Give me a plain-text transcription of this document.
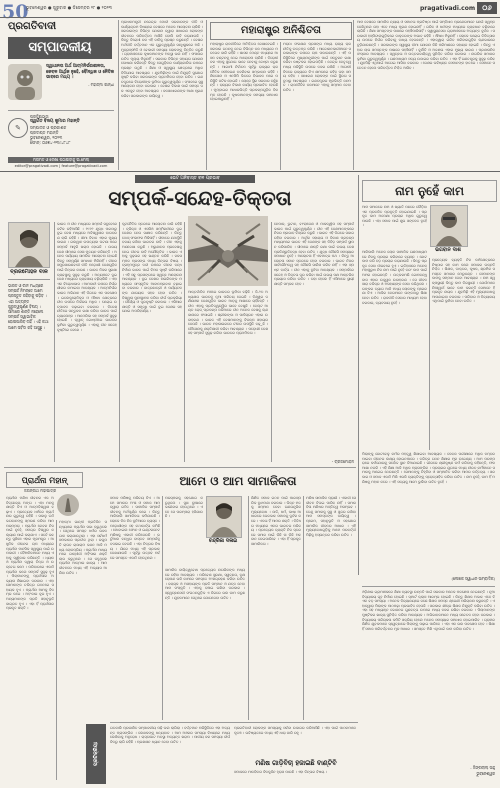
50
ଭୁବନେଶ୍ୱର ● ଗୁରୁବାର ● ଡିସେମ୍ବର ୨୮ ● ୨୦୨୩	pragativadi.com	୦୬
ପ୍ରଗତିବାଦୀ
ସମ୍ପାଦକୀୟ
ସ୍ୱାଧୀନତା ଅର୍ଥ ଆତ୍ମନିର୍ଭରଶୀଳତା, କେବଳ ଆର୍ଥିକ ନୁହେଁ, ବୌଦ୍ଧିକ ଓ ନୈତିକ ଭାବରେ ମଧ୍ୟ ।
- ମହାତ୍ମା ଗାନ୍ଧୀ
✎
ପ୍ରତିଷ୍ଠାତା
ସ୍ୱର୍ଗତ ବିଜୟ କୁମାର ମହାନ୍ତି
ସମ୍ପାଦକ ଓ ପ୍ରକାଶକ
ପ୍ରଦୀପ୍ତ ମହାନ୍ତି
ଭୁବନେଶ୍ୱର, ୨୦୨୩
ଫୋନ୍: ୦୬୭୪-୨୩୯୪୮୪୮
ମତାମତ ଓ ଲେଖା ପଠାଇବାକୁ ଇ-ମେଲ୍
editor@pragativadi.com | feature@pragativadi.com
ପ୍ରଧାନମନ୍ତ୍ରୀ ନରେନ୍ଦ୍ର ମୋଦୀ ସରକାରଙ୍କ ନୀତି ଓ କାର୍ଯ୍ୟକ୍ରମ ବିଷୟରେ ଦେଶରେ ଅନେକ ଆଲୋଚନା ଚାଲିଛି । ସରକାରଙ୍କ ବିଭିନ୍ନ ଯୋଜନା ଦ୍ୱାରା ସାଧାରଣ ଲୋକଙ୍କ ଜୀବନରେ ପରିବର୍ତ୍ତନ ଆସିଛି ବୋଲି ଦାବି କରାଯାଉଛି । କିନ୍ତୁ ବିରୋଧୀ ଦଳ ଏହି ଦାବିକୁ ପ୍ରଶ୍ନ କରୁଛନ୍ତି । ଦେଶର ଅର୍ଥନୀତି ବର୍ତ୍ତମାନ ଏକ ଗୁରୁତ୍ୱପୂର୍ଣ୍ଣ ସନ୍ଧିସ୍ଥଳରେ ଅଛି । ମୁଦ୍ରାସ୍ଫୀତି ଓ ବେକାରୀ ସମସ୍ୟା ଲୋକଙ୍କୁ ଚିନ୍ତିତ କରୁଛି । ଗ୍ରାମାଞ୍ଚଳରେ କୃଷକମାନଙ୍କ ଅବସ୍ଥା ଭଲ ନାହିଁ । ଫସଲର ଉଚିତ ମୂଲ୍ୟ ମିଳୁନାହିଁ । ସରକାର ବିଭିନ୍ନ ସହାୟତା ଯୋଜନା ଘୋଷଣା କରିଛନ୍ତି କିନ୍ତୁ ସେଗୁଡ଼ିକର କାର୍ଯ୍ୟକାରିତା ଉପରେ ପ୍ରଶ୍ନ ଉଠୁଛି । ଶିକ୍ଷା ଓ ସ୍ୱାସ୍ଥ୍ୟ କ୍ଷେତ୍ରରେ ଅଧିକ ବିନିଯୋଗ ଆବଶ୍ୟକ । ଯୁବପିଢ଼ିଙ୍କ ପାଇଁ ନିଯୁକ୍ତି ସୁଯୋଗ ସୃଷ୍ଟି କରିବା ସରକାରଙ୍କ ପ୍ରାଥମିକତା ହେବା ଉଚିତ । ଗଣତନ୍ତ୍ରରେ ବିରୋଧୀଙ୍କ ଭୂମିକା ଗୁରୁତ୍ୱପୂର୍ଣ୍ଣ । ସଂସଦରେ ସୁସ୍ଥ ଆଲୋଚନା ହେବା ଦରକାର । ଦେଶର ବିକାଶ ପାଇଁ ସମସ୍ତ ଦଳ ଏକଜୁଟ ହେବା ଆବଶ୍ୟକ । ଜନସାଧାରଣଙ୍କ ଆଶା ପୂରଣ କରିବା ସରକାରଙ୍କ ଦାୟିତ୍ୱ ।
ମହାରାଷ୍ଟ୍ର ଅନିଶ୍ଚିତତା
ମହାରାଷ୍ଟ୍ର ରାଜନୀତିରେ ଅନିଶ୍ଚିତତା ଦେଖାଦେଇଛି । ସରକାର ଗଠନକୁ ନେଇ ବିଭିନ୍ନ ଦଳ ମଧ୍ୟରେ ମତଭେଦ ଜାରି ରହିଛି । ଶାସକ ମେଣ୍ଟ ମଧ୍ୟରେ ଆସନ ବଣ୍ଟନକୁ ନେଇ ଆଲୋଚନା ଚାଲିଛି । ବିରୋଧୀ ଦଳ ଏହାକୁ ସୁଯୋଗ ଭାବେ ନେବାକୁ ଚେଷ୍ଟା କରୁଛନ୍ତି । ଆଗାମୀ ନିର୍ବାଚନ ପୂର୍ବରୁ ରାଜ୍ୟର ରାଜନୈତିକ ସମୀକରଣ ବଦଳିବାର ସମ୍ଭାବନା ରହିଛି । ଶିବସେନା ଓ ଏନସିପି ଭିତରେ ବିଭାଜନ ପରେ ପରିସ୍ଥିତି ଜଟିଳ ହୋଇଛି । ଲୋକେ ସ୍ଥିର ସରକାର ଚାହୁଁଛନ୍ତି । ରାଜ୍ୟର ବିକାଶ କାର୍ଯ୍ୟ ପ୍ରଭାବିତ ହେଉଛି । ମୁମ୍ବାଇର ଆଧାରଭିତ୍ତି ପ୍ରକଳ୍ପଗୁଡ଼ିକ ବିଳମ୍ବ ହେଉଛି । କୃଷକମାନଙ୍କ ସମସ୍ୟା ସମାଧାନ ହୋଇପାରୁନାହିଁ ।
ମରାଠା ସଂରକ୍ଷଣ ପ୍ରସଙ୍ଗ ମଧ୍ୟ ରାଜ୍ୟ ରାଜନୀତିକୁ ଉତ୍ତପ୍ତ କରିଛି । ଆନ୍ଦୋଳନକାରୀମାନେ ସରକାରଙ୍କ ଉପରେ ଚାପ ପକାଉଛନ୍ତି । ଏହି ପରିସ୍ଥିତିରେ ମୁଖ୍ୟମନ୍ତ୍ରୀଙ୍କ ପାଇଁ ସନ୍ତୁଳନ ରକ୍ଷା କରିବା କଷ୍ଟକର ହୋଇପଡ଼ିଛି । କେନ୍ଦ୍ର ନେତୃତ୍ୱ ମଧ୍ୟ ପରିସ୍ଥିତି ଉପରେ ନଜର ରଖିଛି । ଆଗାମୀ ଦିନରେ ରାଜ୍ୟରେ କିଏ କ୍ଷମତାରେ ରହିବ ତାହା ସମୟ କହିବ । ସାଧାରଣ ଲୋକଙ୍କ ପାଇଁ ସ୍ଥିରତା ସବୁଠାରୁ ଆବଶ୍ୟକ । ଗଣତନ୍ତ୍ରର ମୂଳଭିତ୍ତି ଜନମତ । ରାଜନୈତିକ ଦଳମାନେ ଏହାକୁ ସମ୍ମାନ ଦେବା ଉଚିତ ।
ଆମ ଦେଶରେ ସାମାଜିକ ନ୍ୟାୟ ଓ ସମାନତା ପ୍ରତିଷ୍ଠା ପାଇଁ ସମ୍ବିଧାନ ପ୍ରଣେତାମାନେ ଯେଉଁ ସ୍ୱପ୍ନ ଦେଖିଥିଲେ ତାହା ଏବେ ମଧ୍ୟ ପୂରଣ ହୋଇନାହିଁ । ଗରିବ ଓ ଧନୀଙ୍କ ମଧ୍ୟରେ ବ୍ୟବଧାନ ବଢ଼ିବାରେ ଲାଗିଛି । ଶିକ୍ଷା ସମସ୍ତଙ୍କ ପାଖରେ ପହଞ୍ଚିପାରିନାହିଁ । ସ୍ୱାସ୍ଥ୍ୟସେବା ଗ୍ରାମାଞ୍ଚଳରେ ଅତ୍ୟନ୍ତ ଦୁର୍ବଳ । ସରକାରୀ ହସ୍ପିଟାଲଗୁଡ଼ିକରେ ଡାକ୍ତରଙ୍କ ଅଭାବ ରହିଛି । ଔଷଧ ମିଳୁନାହିଁ । ଲୋକେ ଘରୋଇ ଚିକିତ୍ସାଳୟ ଉପରେ ନିର୍ଭର କରିବାକୁ ବାଧ୍ୟ ହେଉଛନ୍ତି । ଏହାଦ୍ୱାରା ଗରିବ ପରିବାରଗୁଡ଼ିକ ଋଣଭାରରେ ବୁଡ଼ିଯାଉଛନ୍ତି । ସରକାରଙ୍କ ସ୍ୱାସ୍ଥ୍ୟ ବୀମା ଯୋଜନା କିଛି ପରିମାଣରେ ସହାୟକ ହୋଇଛି । କିନ୍ତୁ ଏହାର ଲାଭ ସମସ୍ତଙ୍କ ପାଖରେ ପହଞ୍ଚିନାହିଁ । ଦୁର୍ନୀତି ଓ ଅଦକ୍ଷତା ଏହାର ମୁଖ୍ୟ କାରଣ । ପ୍ରଶାସନିକ ସଂସ୍କାର ଆବଶ୍ୟକ । ସ୍ୱଚ୍ଛତା ଓ ଉତ୍ତରଦାୟିତ୍ୱ ସୁନିଶ୍ଚିତ କରିବା ଦରକାର । ନାଗରିକ ସମାଜର ଭୂମିକା ଗୁରୁତ୍ୱପୂର୍ଣ୍ଣ । ଗଣମାଧ୍ୟମ ସତ୍ୟ ଉଜାଗର କରିବା ଉଚିତ । ଏହା ହିଁ ଗଣତନ୍ତ୍ରକୁ ସୁଦୃଢ଼ କରିବ । ଯୁବପିଢ଼ି ଏଥିପାଇଁ ଆଗେଇ ଆସିବା ଦରକାର । ଦେଶର ଭବିଷ୍ୟତ ସେମାନଙ୍କ ହାତରେ । ସେମାନେ ସଚେତନ ହେଲେ ପରିବର୍ତ୍ତନ ନିଶ୍ଚିତ ଆସିବ ।
ଭେଟ ଅନିବାସ୍ତ ବଳ ପ୍ରଭାବ
ସମ୍ପର୍କ-ସନ୍ଦେହ-ତିକ୍ତତା
ବ୍ରଜମୋହନ ବାଳ
ଭାରତ ଓ ଚୀନ ମଧ୍ୟରେ ସମ୍ପର୍କ ନିମନ୍ତେ ଆମେ ପ୍ରସ୍ତୁତ ରହିବାକୁ ପଡ଼ିବ । ଏହା ଅତ୍ୟନ୍ତ ଗୁରୁତ୍ୱପୂର୍ଣ୍ଣ ବିଷୟ । ସୀମାରେ ଶାନ୍ତି ନହେଲେ ସମ୍ପର୍କ ସ୍ୱାଭାବିକ ହୋଇପାରିବ ନାହିଁ । ଏହି କଥା ଆମେ ସର୍ବଦା କହି ଆସୁଛୁ ।
ଭାରତ ଓ ଚୀନ ମଧ୍ୟରେ ସମ୍ପର୍କ ସବୁବେଳେ ଜଟିଳ ରହିଆସିଛି । ୧୯୬୨ ଯୁଦ୍ଧ ପରଠାରୁ ଦୁଇ ଦେଶ ମଧ୍ୟରେ ଅବିଶ୍ୱାସର ବାତାବରଣ ଲାଗି ରହିଛି । ସୀମା ବିବାଦ ଏହାର ମୁଖ୍ୟ କାରଣ । ଗଲୱାନ ଉପତ୍ୟକା ଘଟଣା ପରେ ସମ୍ପର୍କ ଆହୁରି ଖରାପ ହୋଇଛି । ଉଭୟ ଦେଶ ସୀମାରେ ସେନା ମୁତୟନ କରିଛନ୍ତି । ଅନେକ ପର୍ଯ୍ୟାୟ ସାମରିକ ଆଲୋଚନା ହୋଇଛି କିନ୍ତୁ ସମ୍ପୂର୍ଣ୍ଣ ସମାଧାନ ମିଳିନାହିଁ । ଚୀନର ସମ୍ପ୍ରସାରଣବାଦୀ ନୀତି ପଡ଼ୋଶୀ ଦେଶଗୁଡ଼ିକ ପାଇଁ ଚିନ୍ତାର କାରଣ । ଭାରତ ନିଜର ସୁରକ୍ଷା ବ୍ୟବସ୍ଥାକୁ ସୁଦୃଢ଼ କରୁଛି । ଅନ୍ୟପଟେ ଦୁଇ ଦେଶ ମଧ୍ୟରେ ବ୍ୟବସାୟ ବଢ଼ିଚାଲିଛି । ଏହା ଏକ ବିରୋଧାଭାସ । ଆମଦାନୀ ଉପରେ ନିର୍ଭରଶୀଳତା କମାଇବା ଆବଶ୍ୟକ । ଆତ୍ମନିର୍ଭର ଭାରତ ଅଭିଯାନ ଏହି ଦିଗରେ ଏକ ପଦକ୍ଷେପ । ଇଲେକ୍ଟ୍ରୋନିକ୍ସ ଓ ଔଷଧ କ୍ଷେତ୍ରରେ ଚୀନ ଉପରେ ନିର୍ଭରତା ଅଧିକ । ଘରୋଇ ଉତ୍ପାଦନ ବଢ଼ାଇବା ଦରକାର । ବିଦେଶ ନୀତିରେ ସନ୍ତୁଳନ ରକ୍ଷା କରିବା ଭାରତ ପାଇଁ ଚ୍ୟାଲେଞ୍ଜ । ଆମେରିକା ସହ ସମ୍ପର୍କ ସୁଦୃଢ଼ ହୋଇଛି । କ୍ୱାଡ୍ ଗୋଷ୍ଠୀରେ ଭାରତର ଭୂମିକା ଗୁରୁତ୍ୱପୂର୍ଣ୍ଣ । ଏହାକୁ ଚୀନ ସନ୍ଦେହ ଦୃଷ୍ଟିରେ ଦେଖେ ।
କୂଟନୈତିକ ସ୍ତରରେ ଆଲୋଚନା ଜାରି ରହିଛି । ବ୍ରିକ୍ସ ଓ ଏସସିଓ ସମ୍ମିଳନୀରେ ଦୁଇ ଦେଶର ନେତା ସାକ୍ଷାତ କରିଛନ୍ତି । କିନ୍ତୁ ଠୋସ୍ ଫଳାଫଳ ମିଳିନାହିଁ । ସୀମାରେ ଯଥାସ୍ଥିତି ବଜାୟ ରଖିବା ଭାରତର ଦାବି । ଚୀନ ଏହାକୁ ଅଣଦେଖା କରୁଛି । ଅରୁଣାଚଳ ପ୍ରଦେଶକୁ ନେଇ ଚୀନର ଦାବି ଅଯୌକ୍ତିକ । ଭାରତ ଏହାକୁ ଦୃଢ଼ତାର ସହ ଖଣ୍ଡନ କରିଛି । ଜଳସମ୍ପଦ ପ୍ରସଙ୍ଗ ମଧ୍ୟ ଚିନ୍ତାର ବିଷୟ । ବ୍ରହ୍ମପୁତ୍ର ନଦୀ ଉପରେ ଚୀନର ବନ୍ଧ ନିର୍ମାଣ ଭାରତ ପାଇଁ ବିପଦ ସୃଷ୍ଟି କରିପାରେ । ଏହି ସବୁ ପ୍ରସଙ୍ଗରେ ସ୍ୱଚ୍ଛ ଆଲୋଚନା ଆବଶ୍ୟକ । ଦୁଇ ଦେଶର ନାଗରିକଙ୍କ ମଧ୍ୟରେ ସାଂସ୍କୃତିକ ଆଦାନପ୍ରଦାନ ବଢ଼ାଇବା ଦରକାର । ଛାତ୍ରଛାତ୍ରୀ ଓ ପର୍ଯ୍ୟଟକଙ୍କ ଯାତାୟାତ ସହଜ ହେବା ଉଚିତ । ବିଶ୍ୱାସ ପୁନଃସ୍ଥାପନ କରିବା ଦୀର୍ଘ ପ୍ରକ୍ରିୟା । ଧୈର୍ଯ୍ୟ ଓ ଦୂରଦୃଷ୍ଟି ଦରକାର । ଏସିଆର ଶାନ୍ତି ଓ ସମୃଦ୍ଧି ପାଇଁ ଦୁଇ ଦେଶର ସହଯୋଗ ଅପରିହାର୍ଯ୍ୟ ।
ଆନ୍ତର୍ଜାତିକ ମଞ୍ଚରେ ଭାରତର ଭୂମିକା ବଢ଼ିଛି । ଜି-୨୦ ଅଧ୍ୟକ୍ଷତା ଭାରତକୁ ନୂଆ ପରିଚୟ ଦେଇଛି । ବିଶ୍ୱର ଦକ୍ଷିଣାଞ୍ଚଳ ଦେଶଗୁଡ଼ିକ ଭାରତ ଆଡ଼କୁ ଆଶାରେ ଚାହିଁଛନ୍ତି । ଚୀନ ଏହାକୁ ପ୍ରତିଦ୍ୱନ୍ଦ୍ୱିତା ଭାବେ ଦେଖୁଛି । ବେଲ୍ଟ ଆଣ୍ଡ ରୋଡ୍ ପ୍ରକଳ୍ପ ଜରିଆରେ ଚୀନ ଅନେକ ଦେଶକୁ ଋଣଜାଲରେ ଫସାଇଛି । ଶ୍ରୀଲଙ୍କା ଓ ପାକିସ୍ତାନ ଏହାର ଉଦାହରଣ । ଭାରତ ଏହି ଦେଶମାନଙ୍କୁ ବିକଳ୍ପ ସହାୟତା ଦେଉଛି । ଭାରତ ମହାସାଗରରେ ଚୀନର ଉପସ୍ଥିତି ବଢ଼ୁଛି । ନୌସେନାକୁ ଶକ୍ତିଶାଳୀ କରିବା ଆବଶ୍ୟକ । ପଡ଼ୋଶୀ ଦେଶ ସହ ସମ୍ପର୍କ ସୁଦୃଢ଼ କରିବା ଭାରତର ପ୍ରାଥମିକତା ।
ନେପାଳ, ଭୁଟାନ, ବାଂଲାଦେଶ ଓ ମାଳଦ୍ୱୀପ ସହ ସମ୍ପର୍କ ଭାରତ ପାଇଁ ଗୁରୁତ୍ୱପୂର୍ଣ୍ଣ । ଚୀନ ଏହି ଦେଶମାନଙ୍କରେ ନିଜର ପ୍ରଭାବ ବିସ୍ତାର କରୁଛି । ଭାରତ ଏହି ଦିଗରେ ସଜାଗ ରହିବା ଦରକାର । ଆର୍ଥିକ ସହାୟତା ଓ ବିକାଶ ପ୍ରକଳ୍ପ ମାଧ୍ୟମରେ ଭାରତ ଏହି ଦେଶଙ୍କ ସହ ନିବିଡ଼ ସମ୍ପର୍କ ସ୍ଥାପନ କରିପାରିବ । ସୀମାରେ ଶାନ୍ତି ରକ୍ଷା ପାଇଁ ଉଭୟ ଦେଶ ପ୍ରତିଶ୍ରୁତିବଦ୍ଧ ହେବା ଉଚିତ । ଯୁଦ୍ଧ କୌଣସି ସମସ୍ୟାର ସମାଧାନ ନୁହେଁ । ଆଲୋଚନା ହିଁ ଏକମାତ୍ର ପଥ । କିନ୍ତୁ ଆଲୋଚନା ସମାନ ସ୍ତରରେ ହେବା ଦରକାର । ଭାରତ ନିଜର ସାର୍ବଭୌମତ୍ୱ ସହ କୌଣସି ସାଲିସ କରିବ ନାହିଁ । ଏହା ସ୍ପଷ୍ଟ ବାର୍ତ୍ତା । ଚୀନ ଏହାକୁ ବୁଝିବା ଆବଶ୍ୟକ । ସମ୍ପର୍କରେ ସନ୍ଦେହ ଓ ତିକ୍ତତା ଦୂର କରିବା ପାଇଁ ଉଭୟ ପକ୍ଷ ଆନ୍ତରିକ ପ୍ରୟାସ କରିବା ଉଚିତ । ତାହା ହେଲେ ହିଁ ଏସିଆରେ ସ୍ଥାୟୀ ଶାନ୍ତି ସମ୍ଭବ ହେବ ।
- ବ୍ରଜମୋହନ
ନାମ ନୁହେଁ କାମ
ଆମ ସମାଜରେ ନାମ ଓ ଖ୍ୟାତି ପଛରେ ଦୌଡ଼ିବା ଏକ ପ୍ରଚଳିତ ପ୍ରବୃତ୍ତି ହୋଇଯାଇଛି । ପ୍ରକୃତ କାମ ଅପେକ୍ଷା ପ୍ରଚାର ଅଧିକ ଗୁରୁତ୍ୱ ପାଉଛି । ଏହା ସମାଜ ପାଇଁ ଶୁଭ ସଙ୍କେତ ନୁହେଁ ।
ଭଗବାନ ଦାଶ
ଆଜିକାଲି ଅନେକ ଲୋକ ସାମାଜିକ ଗଣମାଧ୍ୟମରେ ନିଜକୁ ପ୍ରଚାର କରିବାରେ ବ୍ୟସ୍ତ । ଛୋଟ କାମ କରି ବଡ଼ ପ୍ରଚାର କରାଯାଉଛି । କିନ୍ତୁ ପ୍ରକୃତ ସେବା ନୀରବରେ ହୁଏ । ଇତିହାସରେ ଅନେକ ମହାପୁରୁଷ ନିଜ ନାମ ପାଇଁ ନୁହେଁ ବରଂ କାମ ପାଇଁ ଅମର ହୋଇଛନ୍ତି । ଉତ୍କଳମଣି ଗୋପବନ୍ଧୁ ଦାସ ଏହାର ଉଜ୍ଜ୍ୱଳ ଉଦାହରଣ । ସେ ଜୀବନସାରା ଦରିଦ୍ର ଓ ଅସହାୟଙ୍କ ସେବା କରିଥିଲେ । ତାଙ୍କର ତ୍ୟାଗ ଆଜି ମଧ୍ୟ ଲୋକଙ୍କୁ ପ୍ରେରଣା ଦିଏ । ଆଜିର ନେତାମାନେ ତାଙ୍କଠାରୁ ଶିକ୍ଷା ନେବା ଉଚିତ । ରାଜନୀତି ସେବାର ମାଧ୍ୟମ ହେବା ଦରକାର, ବ୍ୟବସାୟ ନୁହେଁ ।
ପ୍ରତ୍ୟେକ ବ୍ୟକ୍ତି ନିଜ କର୍ମକ୍ଷେତ୍ରରେ ନିଷ୍ଠାର ସହ କାମ କଲେ ସମାଜର ଉନ୍ନତି ନିଶ୍ଚିତ । ଶିକ୍ଷକ, ଡାକ୍ତର, କୃଷକ, ଶ୍ରମିକ ସମସ୍ତେ ସମାଜର ମେରୁଦଣ୍ଡ । ସେମାନଙ୍କ କାମକୁ ସମ୍ମାନ ଦେବା ଆବଶ୍ୟକ । ନାମ ସ୍ୱଳ୍ପସ୍ଥାୟୀ କିନ୍ତୁ କାମ ଚିରସ୍ଥାୟୀ । ଯେଉଁମାନେ ନିଃସ୍ୱାର୍ଥ ଭାବେ କାମ କରନ୍ତି ସେମାନେ ହିଁ ପ୍ରକୃତ ନାୟକ । ଯୁବପିଢ଼ି ଏହି ମୂଲ୍ୟବୋଧକୁ ଆପଣାଇବା ଦରକାର । ପରିବାର ଓ ବିଦ୍ୟାଳୟ ଏଥିପାଇଁ ଭୂମିକା ନେବା ଉଚିତ ।
ପିଲାଙ୍କୁ ଛୋଟବେଳୁ କର୍ମର ମହତ୍ତ୍ୱ ଶିଖାଇବା ଆବଶ୍ୟକ । କେବଳ ପରୀକ୍ଷାରେ ଅଧିକ ନମ୍ବର ପାଇବା ଜୀବନର ଲକ୍ଷ୍ୟ ହୋଇନପାରେ । ଚରିତ୍ର ଗଠନ ଶିକ୍ଷାର ମୂଳ ଉଦ୍ଦେଶ୍ୟ । ଆମ ପରମ୍ପରାରେ କର୍ମଯୋଗକୁ ସର୍ବୋଚ୍ଚ ସ୍ଥାନ ଦିଆଯାଇଛି । ଗୀତାରେ ଶ୍ରୀକୃଷ୍ଣ କର୍ମ କରିବାକୁ କହିଛନ୍ତି, ଫଳ ଆଶା ନକରି । ଏହି ଶିକ୍ଷା ଆଜି ଅଧିକ ପ୍ରାସଙ୍ଗିକ । ପ୍ରଚାରର ଯୁଗରେ ମଧ୍ୟ ନୀରବ କର୍ମୀମାନେ ସମାଜକୁ ଆଗେଇ ନେଉଛନ୍ତି । ସେମାନଙ୍କୁ ଚିହ୍ନିବା ଓ ସମ୍ମାନିତ କରିବା ଆମର କର୍ତ୍ତବ୍ୟ । ସରକାର ଓ ସମାଜ ଏକାଠି ମିଶି ଏଭଳି ବ୍ୟକ୍ତିଙ୍କୁ ପ୍ରୋତ୍ସାହିତ କରିବା ଉଚିତ । ନାମ ନୁହେଁ, କାମ ହିଁ ମଣିଷକୁ ମହାନ କରେ । ଏହି ସତ୍ୟକୁ ଆମେ ଭୁଲିବା ଉଚିତ ନୁହେଁ ।
(ଲେଖକ ସ୍ୱାଧୀନ ସାମ୍ବାଦିକ)
ପ୍ରାର୍ଥନା ମହାନ୍
ଜଗନ୍ନାଥ ମହାପାତ୍ର
ପ୍ରାର୍ଥନା ମଣିଷ ଜୀବନର ଏକ ଅବିଚ୍ଛେଦ୍ୟ ଅଙ୍ଗ । ଏହା ମନକୁ ଶାନ୍ତି ଦିଏ ଓ ଆତ୍ମବିଶ୍ୱାସ ବଢ଼ାଏ । ପ୍ରତ୍ୟେକ ଧର୍ମରେ ପ୍ରାର୍ଥନାର ଗୁରୁତ୍ୱ ରହିଛି । ସକାଳୁ ଉଠି ଭଗବାନଙ୍କୁ ସ୍ମରଣ କରିବା ଆମ ପରମ୍ପରା । ପ୍ରାର୍ଥନା କେବଳ ନିଜ ପାଇଁ ନୁହେଁ, ସମଗ୍ର ବିଶ୍ୱର କଲ୍ୟାଣ ପାଇଁ କରାଯାଏ । ସର୍ବେ ଭବନ୍ତୁ ସୁଖିନଃ ଏହାର ମୂଳମନ୍ତ୍ର । ଆଧୁନିକ ଜୀବନର ଚାପ ମଧ୍ୟରେ ପ୍ରାର୍ଥନା ମାନସିକ ସ୍ୱାସ୍ଥ୍ୟ ପାଇଁ ଉପକାରୀ । ବୈଜ୍ଞାନିକମାନେ ମଧ୍ୟ ଏହାକୁ ସ୍ୱୀକାର କରିଛନ୍ତି । ଧ୍ୟାନ ଓ ପ୍ରାର୍ଥନା ଦ୍ୱାରା ଚିନ୍ତା ଓ ଉଦ୍ବେଗ କମେ । ପରିବାରରେ ଏକାଠି ପ୍ରାର୍ଥନା କଲେ ସମ୍ପର୍କ ସୁଦୃଢ଼ ହୁଏ । ପିଲାମାନଙ୍କୁ ପ୍ରାର୍ଥନାର ଅଭ୍ୟାସ ଶିଖାଇବା ଦରକାର । ଏହା ସେମାନଙ୍କ ଚରିତ୍ର ଗଠନରେ ସହାୟକ ହୁଏ । ପ୍ରାର୍ଥନା ଆମକୁ ବିନମ୍ର କରେ । ଅହଂକାର ଦୂର ହୁଏ । ଅନ୍ୟମାନଙ୍କ ପ୍ରତି ସହାନୁଭୂତି ଜାଗ୍ରତ ହୁଏ । ଏହା ହିଁ ପ୍ରାର୍ଥନାର ପ୍ରକୃତ ଶକ୍ତି ।
ମହାତ୍ମା ଗାନ୍ଧୀ ପ୍ରତିଦିନ ସନ୍ଧ୍ୟାରେ ପ୍ରାର୍ଥନା ସଭା କରୁଥିଲେ । ସେଥିରେ ସମସ୍ତ ଧର୍ମର ଭଜନ ଗାନ କରାଯାଉଥିଲା । ଏହା ସର୍ବଧର୍ମ ସମଭାବର ପ୍ରତୀକ ଥିଲା । ରଘୁପତି ରାଘବ ରାଜାରାମ ଭଜନ ଆଜି ମଧ୍ୟ ଲୋକପ୍ରିୟ । ପ୍ରାର୍ଥନା ମାଧ୍ୟମରେ ଗାନ୍ଧୀଜୀ ଅହିଂସାର ଶକ୍ତି ଲାଭ କରୁଥିଲେ । ସେ କହୁଥିଲେ ପ୍ରାର୍ଥନା ଆତ୍ମାର ଖାଦ୍ୟ । ଆମ ଜୀବନରେ ମଧ୍ୟ ଏହି ଅଭ୍ୟାସ ଆଣିବା ଉଚିତ ।
ଆମେ ଓ ଆମ ସାମାଜିକତା
ସମାଜ ମଣିଷକୁ ପରିଚୟ ଦିଏ । ଆମେ ସମାଜର ଅଂଶ ଓ ସମାଜ ଆମ ଦ୍ୱାରା ଗଠିତ । ସାମାଜିକ ସମ୍ପର୍କ ଜୀବନକୁ ଅର୍ଥପୂର୍ଣ୍ଣ କରେ । କିନ୍ତୁ ଆଜିକାଲି ସାମାଜିକତା କମିଯାଉଛି । ଲୋକେ ନିଜ ନିଜ ଦୁନିଆରେ ବ୍ୟସ୍ତ । ପଡ଼ୋଶୀଙ୍କ ସହ କଥାବାର୍ତ୍ତା କମିଛି । ମୋବାଇଲ ଫୋନ ଓ ଇଣ୍ଟରନେଟ ମଣିଷକୁ ଏକାକୀ କରିଦେଉଛି । ଭର୍ଚୁଆଲ ବନ୍ଧୁତା ବାସ୍ତବ ସମ୍ପର୍କକୁ ବଦଳାଇ ଦେଉଛି । ଏହା ଚିନ୍ତାର ବିଷୟ । ଗାଁରେ ମଧ୍ୟ ଏହି ପ୍ରଭାବ ଦେଖାଯାଉଛି । ପୂର୍ବରୁ ଉତ୍ସବ ପର୍ବରେ ସମସ୍ତେ ଏକାଠି ହେଉଥିଲେ ।
ପରସ୍ପରକୁ ସହଯୋଗ କରୁଥିଲେ । ସୁଖ ଦୁଃଖରେ ଭାଗୀଦାର ହେଉଥିଲେ । ଏବେ ସେ ପରମ୍ପରା ହଜିଯାଉଛି ।
ଚନ୍ଦ୍ରିକା ଦଳାଇ
ସାମାଜିକ ଦାୟିତ୍ୱବୋଧ ପ୍ରତ୍ୟେକ ନାଗରିକଙ୍କ ମଧ୍ୟରେ ରହିବା ଆବଶ୍ୟକ । ପରିବେଶ ସୁରକ୍ଷା, ସ୍ୱଚ୍ଛତା, ବୃକ୍ଷରୋପଣ ଭଳି କାମରେ ସମସ୍ତେ ଅଂଶଗ୍ରହଣ କରିବା ଉଚିତ । ବୟସ୍କ ଓ ଅସହାୟଙ୍କ ପ୍ରତି ସମ୍ମାନ ଓ ଯତ୍ନ ନେବା ଆମ ସଂସ୍କୃତି । ଏହାକୁ ବଞ୍ଚାଇ ରଖିବା ଦରକାର । ସ୍ୱେଚ୍ଛାସେବୀ ସଂଗଠନଗୁଡ଼ିକ ଏ ଦିଗରେ ଭଲ କାମ କରୁଛନ୍ତି । ଯୁବକମାନେ ସେଥିରେ ଯୋଗଦେବା ଉଚିତ ।
ଶିକ୍ଷିତ ସମାଜ ଗଠନ ପାଇଁ ପାରସ୍ପରିକ ବୁଝାମଣା ଦରକାର । ଭିନ୍ନ ମତକୁ ସମ୍ମାନ ଦେବା ଗଣତାନ୍ତ୍ରିକ ମୂଲ୍ୟବୋଧ । ଜାତି, ଧର୍ମ, ଭାଷା ଆଧାରରେ ଭେଦଭାବ ସମାଜକୁ ଦୁର୍ବଳ କରେ । ଏକତା ହିଁ ଆମର ଶକ୍ତି । ବିବିଧତା ମଧ୍ୟରେ ଏକତା ଭାରତର ପରିଚୟ । ପ୍ରତ୍ୟେକ ବ୍ୟକ୍ତି ନିଜ ସ୍ତରରେ ସମାଜ ପାଇଁ କିଛି ନା କିଛି ଅବଦାନ ଦେଇପାରିବେ । ଏହା ହିଁ ପ୍ରକୃତ ସାମାଜିକତା ।
ମଣିଷ ସାମାଜିକ ପ୍ରାଣୀ । ଏକାକୀ ସେ ଜୀବନ ବିତାଇ ପାରିବ ନାହିଁ । ସମାଜ ବିନା ମଣିଷର ଅସ୍ତିତ୍ୱ ଅସମ୍ଭବ । ତେଣୁ ସମାଜକୁ ସୁସ୍ଥ ଓ ସୁନ୍ଦର ରଖିବା ଆମ ସମସ୍ତଙ୍କ ଦାୟିତ୍ୱ । ପ୍ରେମ, ସହାନୁଭୂତି ଓ ସହଯୋଗ ସାମାଜିକ ଜୀବନର ଆଧାର । ଏହି ମୂଲ୍ୟବୋଧଗୁଡ଼ିକୁ ଆମେ ପରବର୍ତ୍ତୀ ପିଢ଼ିକୁ ହସ୍ତାନ୍ତର କରିବା ଉଚିତ ।
ପ୍ରତିକ୍ରିୟା
ଗତକାଲି ପ୍ରକାଶିତ ସମ୍ପାଦକୀୟ ପଢ଼ି ଭଲ ଲାଗିଲା । ବର୍ତ୍ତମାନ ପରିସ୍ଥିତିରେ ଏହା ଅତ୍ୟନ୍ତ ପ୍ରାସଙ୍ଗିକ । ଲେଖକଙ୍କୁ ଧନ୍ୟବାଦ । ଆମ ଅଞ୍ଚଳର ସମସ୍ୟା ବିଷୟରେ ମଧ୍ୟ ଲେଖିବାକୁ ଅନୁରୋଧ । ରାସ୍ତାଘାଟ ଅବସ୍ଥା ଅତ୍ୟନ୍ତ ଖରାପ । ପାନୀୟ ଜଳ ସମସ୍ୟା ଦୀର୍ଘଦିନରୁ ଲାଗି ରହିଛି । ପ୍ରଶାସନ ଧ୍ୟାନ ଦେବା ଉଚିତ ।
ପ୍ରଗତିବାଦୀ ଲୋକଙ୍କ ସମସ୍ୟାକୁ ସର୍ବଦା ଉଜାଗର କରିଆସିଛି । ଏହା ପାଇଁ ପାଠକମାନେ କୃତଜ୍ଞ । ଭବିଷ୍ୟତରେ ମଧ୍ୟ ଏହି ଧାରା ଜାରି ରହୁ ।
ମଣିଷ ଗାଡ଼ିବିଚା ହଜାଇଛି ବାଣ୍ଟିବି
ସମାଜରେ ମାନବିକତା ଦିନକୁଦିନ ହ୍ରାସ ପାଉଛି । ଏହା ଚିନ୍ତାର ବିଷୟ ।
ଓଡ଼ିଶାର ଗ୍ରାମାଞ୍ଚଳରେ ଶିକ୍ଷା ବ୍ୟବସ୍ଥା ଉନ୍ନତି ପାଇଁ ସରକାର ଅନେକ ପଦକ୍ଷେପ ନେଇଛନ୍ତି । ନୂଆ ବିଦ୍ୟାଳୟ ଗୃହ ନିର୍ମାଣ ହୋଇଛି । ସ୍ମାର୍ଟ କ୍ଲାସ ଆରମ୍ଭ ହୋଇଛି । କିନ୍ତୁ ଶିକ୍ଷକ ଅଭାବ ଏବେ ବି ଏକ ବଡ଼ ସମସ୍ୟା । ଅନେକ ବିଦ୍ୟାଳୟରେ ଜଣେ ଶିକ୍ଷକ ସମସ୍ତ ଶ୍ରେଣୀ ପରିଚାଳନା କରୁଛନ୍ତି । ଏହାଦ୍ୱାରା ପିଲାଙ୍କ ପାଠପଢ଼ା ପ୍ରଭାବିତ ହେଉଛି । ସରକାର ଶୀଘ୍ର ଶିକ୍ଷକ ନିଯୁକ୍ତି କରିବା ଉଚିତ । ଏହା ସହ ମଧ୍ୟାହ୍ନ ଭୋଜନର ଗୁଣବତ୍ତା ଉପରେ ମଧ୍ୟ ନଜର ରଖିବା ଦରକାର । ପିଲାମାନଙ୍କ ପୁଷ୍ଟିକର ଖାଦ୍ୟ ସୁନିଶ୍ଚିତ କରିବା ଆବଶ୍ୟକ । ଅଭିଭାବକମାନେ ମଧ୍ୟ ସଚେତନ ହେବା ଦରକାର । ବିଦ୍ୟାଳୟ ପରିଚାଳନା କମିଟି ସକ୍ରିୟ ହେଲେ ଅନେକ ସମସ୍ୟାର ସମାଧାନ ହୋଇପାରିବ । ଗ୍ରାମର ଶିକ୍ଷିତ ଯୁବକମାନେ ସ୍ୱେଚ୍ଛାରେ ପିଲାଙ୍କୁ ପଢ଼ାଇ ପାରିବେ । ଏହା ଏକ ଭଲ ପଦକ୍ଷେପ ହେବ । ଶିକ୍ଷା ହିଁ ସମାଜ ପରିବର୍ତ୍ତନର ମୂଳ ଆଧାର । ସମସ୍ତେ ମିଶି ଏଥିପାଇଁ କାମ କରିବା ଉଚିତ ।
- ଜିଙ୍ଗଲାଲ୍ ସାହୁ
ଭୁବନେଶ୍ୱର
